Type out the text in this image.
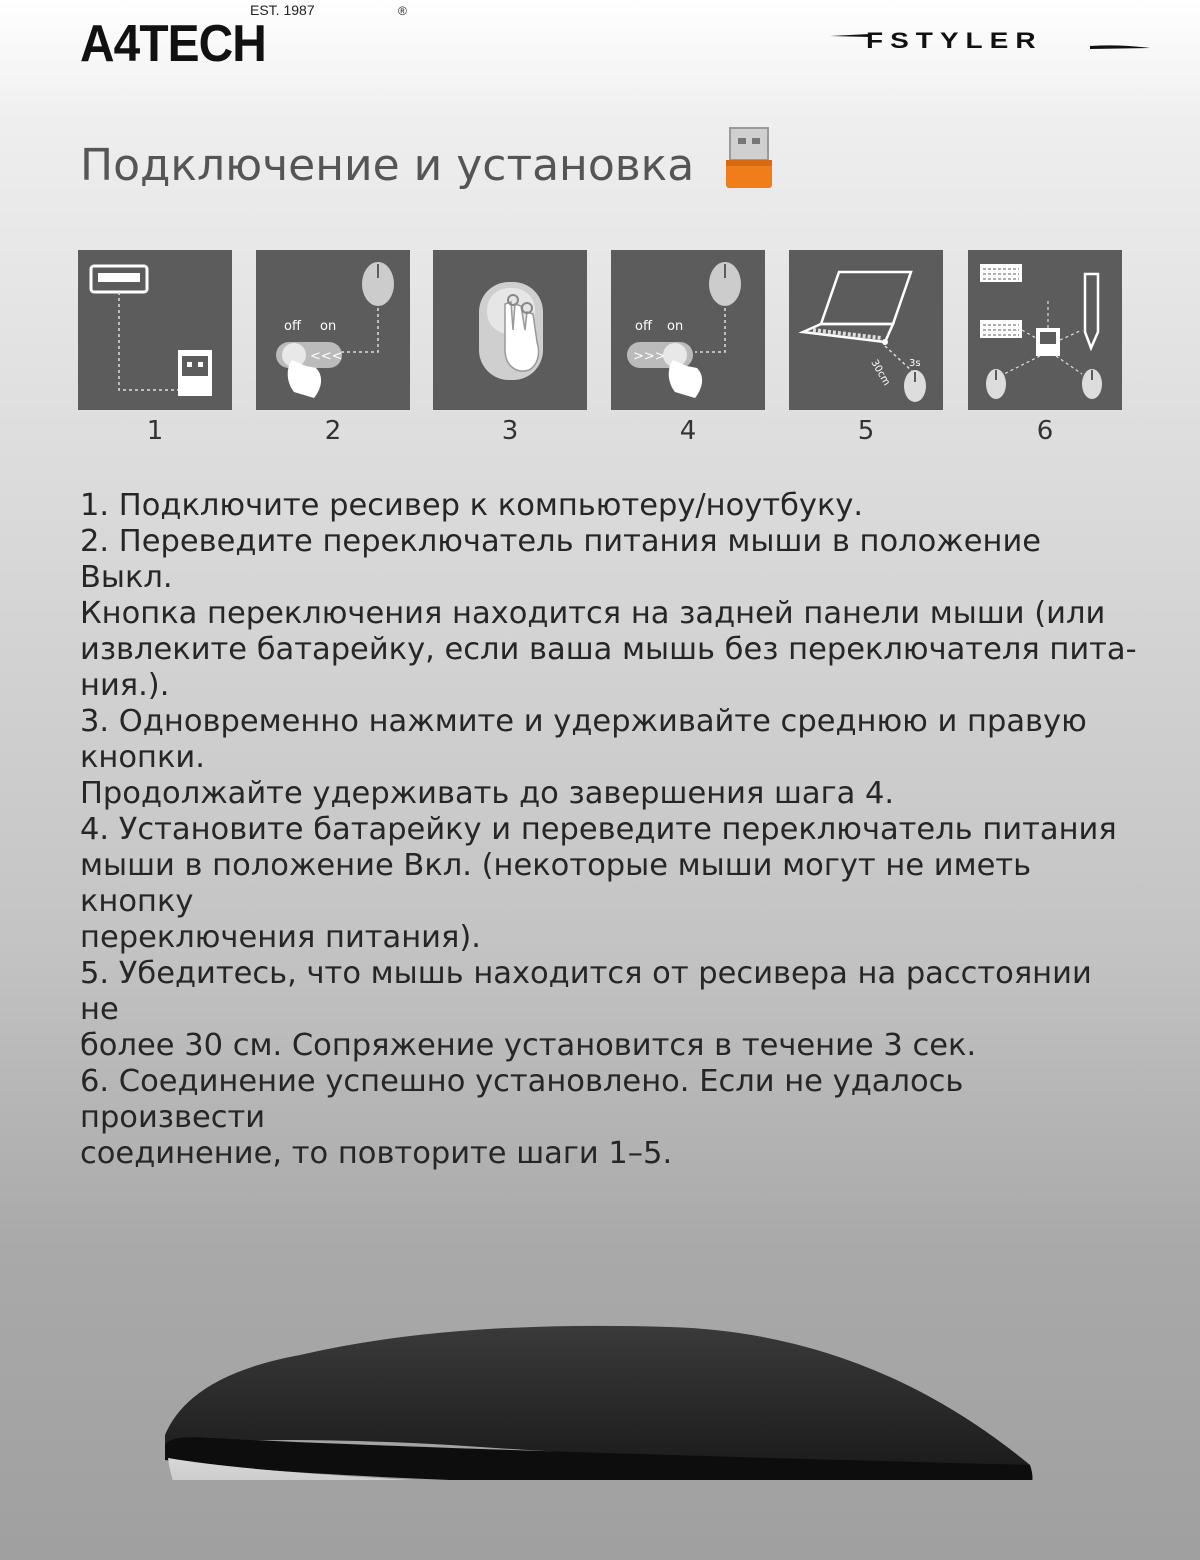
EST. 1987	®
A4TECH	FSTYLER
Подключение и установка
1
off on
<<<
2	3
off on
>>>
4
30cm 3s
5	6

1. Подключите ресивер к компьютеру/ноутбуку.

2. Переведите переключатель питания мыши в положение Выкл.

Кнопка переключения находится на задней панели мыши (или

извлеките батарейку, если ваша мышь без переключателя пита-

ния.).

3. Одновременно нажмите и удерживайте среднюю и правую

кнопки.

Продолжайте удерживать до завершения шага 4.

4. Установите батарейку и переведите переключатель питания

мыши в положение Вкл. (некоторые мыши могут не иметь кнопку

переключения питания).

5. Убедитесь, что мышь находится от ресивера на расстоянии не

более 30 см. Сопряжение установится в течение 3 сек.

6. Соединение успешно установлено. Если не удалось произвести

соединение, то повторите шаги 1–5.
